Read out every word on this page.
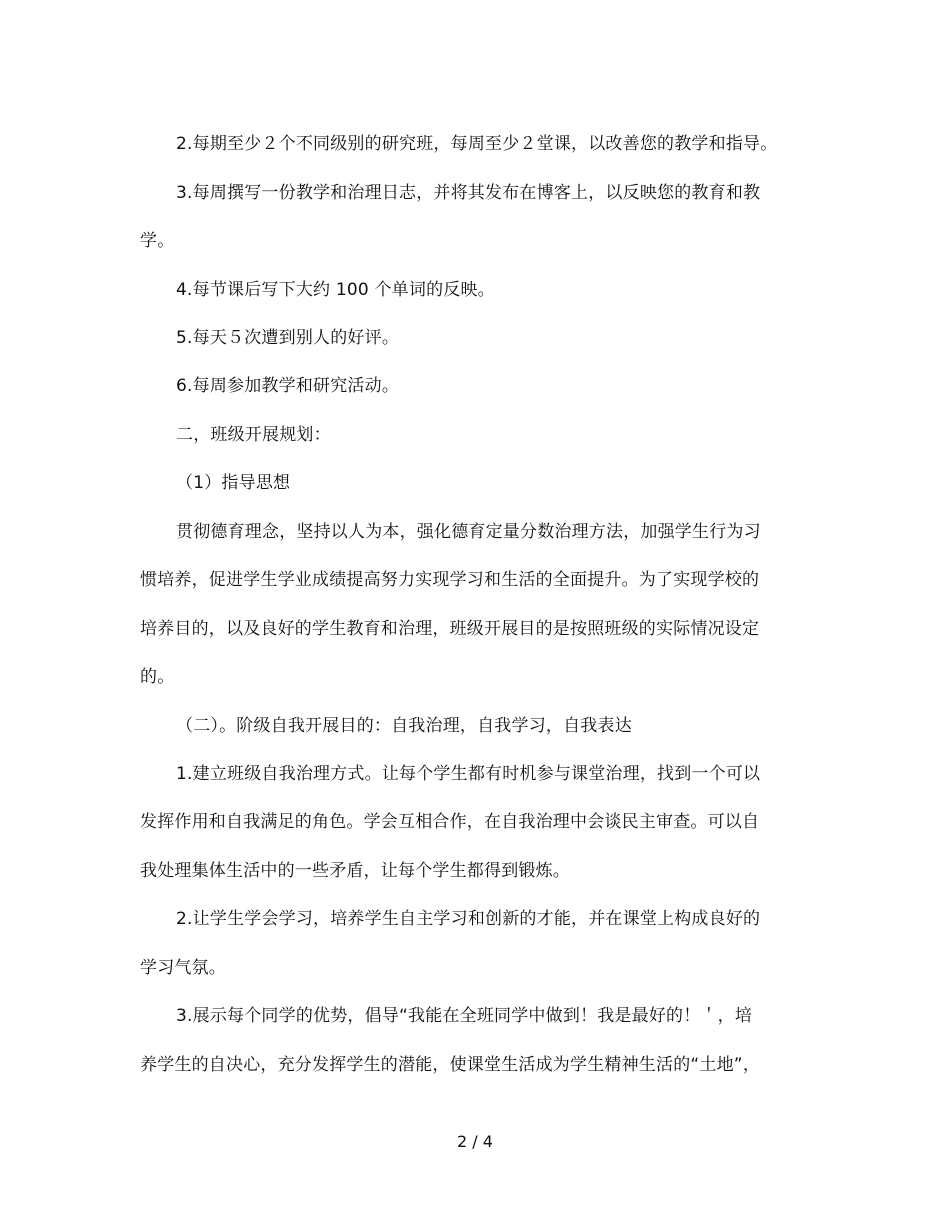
2.每期至少２个不同级别的研究班，每周至少２堂课，以改善您的教学和指导。
3.每周撰写一份教学和治理日志，并将其发布在博客上，以反映您的教育和教
学。
4.每节课后写下大约 100 个单词的反映。
5.每天５次遭到别人的好评。
6.每周参加教学和研究活动。
二，班级开展规划：
（1）指导思想
贯彻德育理念，坚持以人为本，强化德育定量分数治理方法，加强学生行为习
惯培养，促进学生学业成绩提高努力实现学习和生活的全面提升。为了实现学校的
培养目的，以及良好的学生教育和治理，班级开展目的是按照班级的实际情况设定
的。
（二）。阶级自我开展目的：自我治理，自我学习，自我表达
1.建立班级自我治理方式。让每个学生都有时机参与课堂治理，找到一个可以
发挥作用和自我满足的角色。学会互相合作，在自我治理中会谈民主审查。可以自
我处理集体生活中的一些矛盾，让每个学生都得到锻炼。
2.让学生学会学习，培养学生自主学习和创新的才能，并在课堂上构成良好的
学习气氛。
3.展示每个同学的优势，倡导“我能在全班同学中做到！我是最好的！＇，培
养学生的自决心，充分发挥学生的潜能，使课堂生活成为学生精神生活的“土地”，
2 / 4
